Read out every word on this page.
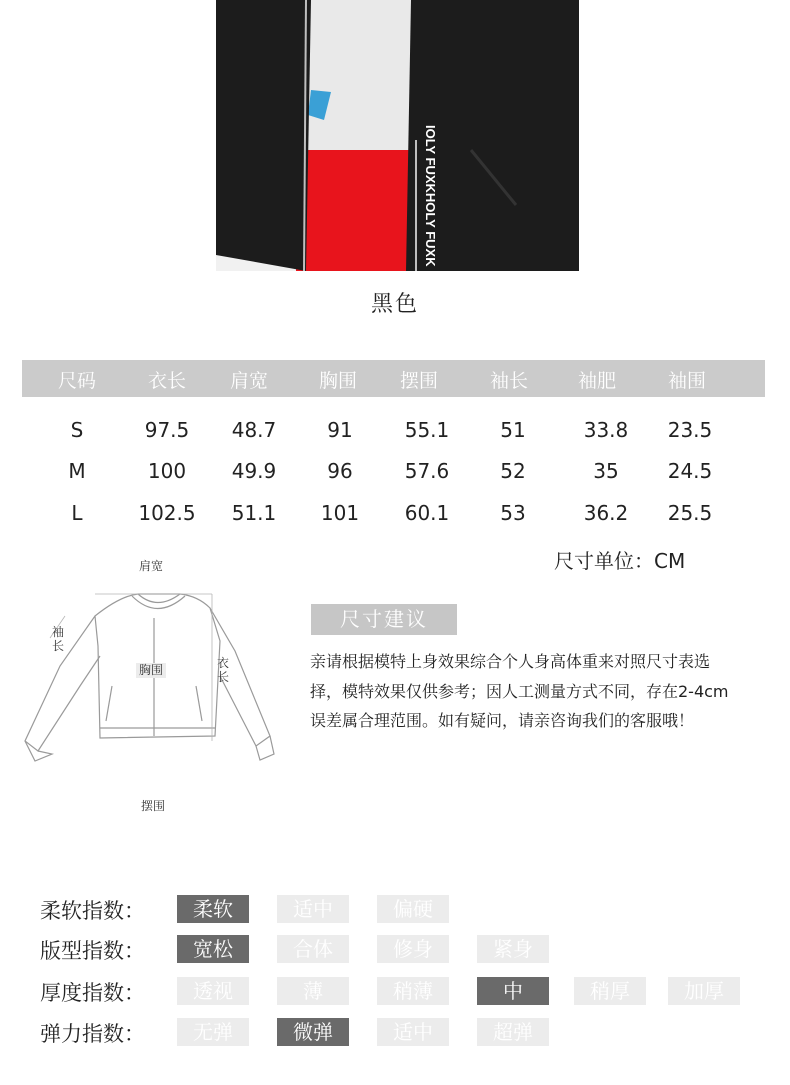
IOLY FUXKHOLY FUXK
黑色
尺码	衣长	肩宽	胸围	摆围	袖长	袖肥	袖围
S	97.5	48.7	91	55.1	51	33.8	23.5
M	100	49.9	96	57.6	52	35	24.5
L	102.5	51.1	101	60.1	53	36.2	25.5
尺寸单位：CM
肩宽
袖
长
胸围	衣
长
摆围
尺寸建议
亲请根据模特上身效果综合个人身高体重来对照尺寸表选择，模特效果仅供参考；因人工测量方式不同，存在2-4cm误差属合理范围。如有疑问，请亲咨询我们的客服哦！
柔软指数：	柔软	适中	偏硬
版型指数：	宽松	合体	修身	紧身
厚度指数：	透视	薄	稍薄	中	稍厚	加厚
弹力指数：	无弹	微弹	适中	超弹
